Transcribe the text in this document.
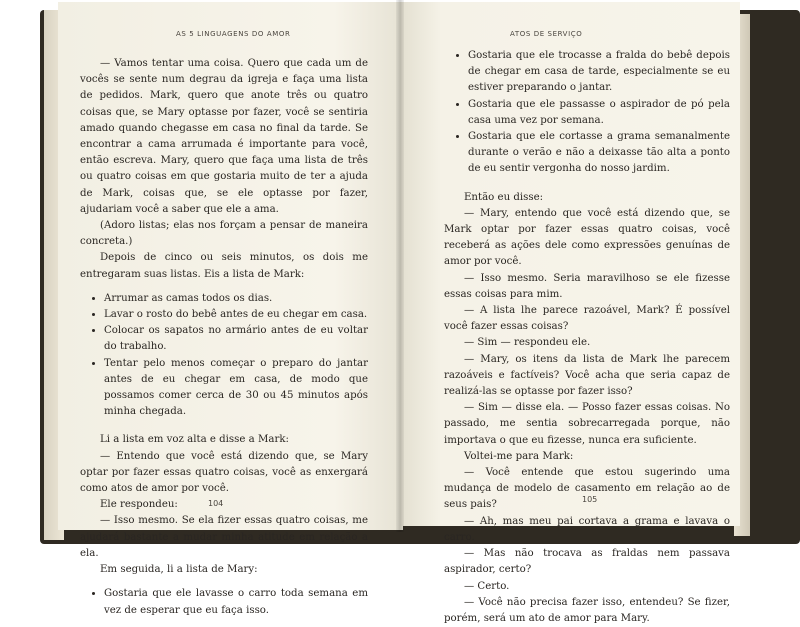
AS 5 LINGUAGENS DO AMOR

— Vamos tentar uma coisa. Quero que cada um de vocês se sente num degrau da igreja e faça uma lista de pedidos. Mark, quero que anote três ou quatro coisas que, se Mary optasse por fazer, você se sentiria amado quando chegasse em casa no final da tarde. Se encontrar a cama arrumada é importante para você, então escreva. Mary, quero que faça uma lista de três ou quatro coisas em que gostaria muito de ter a ajuda de Mark, coisas que, se ele optasse por fazer, ajudariam você a saber que ele a ama.

(Adoro listas; elas nos forçam a pensar de maneira concreta.)

Depois de cinco ou seis minutos, os dois me entregaram suas listas. Eis a lista de Mark:

• Arrumar as camas todos os dias.
• Lavar o rosto do bebê antes de eu chegar em casa.
• Colocar os sapatos no armário antes de eu voltar do trabalho.
• Tentar pelo menos começar o preparo do jantar antes de eu chegar em casa, de modo que possamos comer cerca de 30 ou 45 minutos após minha chegada.

Li a lista em voz alta e disse a Mark:

— Entendo que você está dizendo que, se Mary optar por fazer essas quatro coisas, você as enxergará como atos de amor por você.

Ele respondeu:

— Isso mesmo. Se ela fizer essas quatro coisas, me ajudará bastante a mudar minha atitude em relação a ela.

Em seguida, li a lista de Mary:

• Gostaria que ele lavasse o carro toda semana em vez de esperar que eu faça isso.
104
ATOS DE SERVIÇO
• Gostaria que ele trocasse a fralda do bebê depois de chegar em casa de tarde, especialmente se eu estiver preparando o jantar.
• Gostaria que ele passasse o aspirador de pó pela casa uma vez por semana.
• Gostaria que ele cortasse a grama semanalmente durante o verão e não a deixasse tão alta a ponto de eu sentir vergonha do nosso jardim.

Então eu disse:

— Mary, entendo que você está dizendo que, se Mark optar por fazer essas quatro coisas, você receberá as ações dele como expressões genuínas de amor por você.

— Isso mesmo. Seria maravilhoso se ele fizesse essas coisas para mim.

— A lista lhe parece razoável, Mark? É possível você fazer essas coisas?

— Sim — respondeu ele.

— Mary, os itens da lista de Mark lhe parecem razoáveis e factíveis? Você acha que seria capaz de realizá-las se optasse por fazer isso?

— Sim — disse ela. — Posso fazer essas coisas. No passado, me sentia sobrecarregada porque, não importava o que eu fizesse, nunca era suficiente.

Voltei-me para Mark:

— Você entende que estou sugerindo uma mudança de modelo de casamento em relação ao de seus pais?

— Ah, mas meu pai cortava a grama e lavava o carro.

— Mas não trocava as fraldas nem passava aspirador, certo?

— Certo.

— Você não precisa fazer isso, entendeu? Se fizer, porém, será um ato de amor para Mary.

105
